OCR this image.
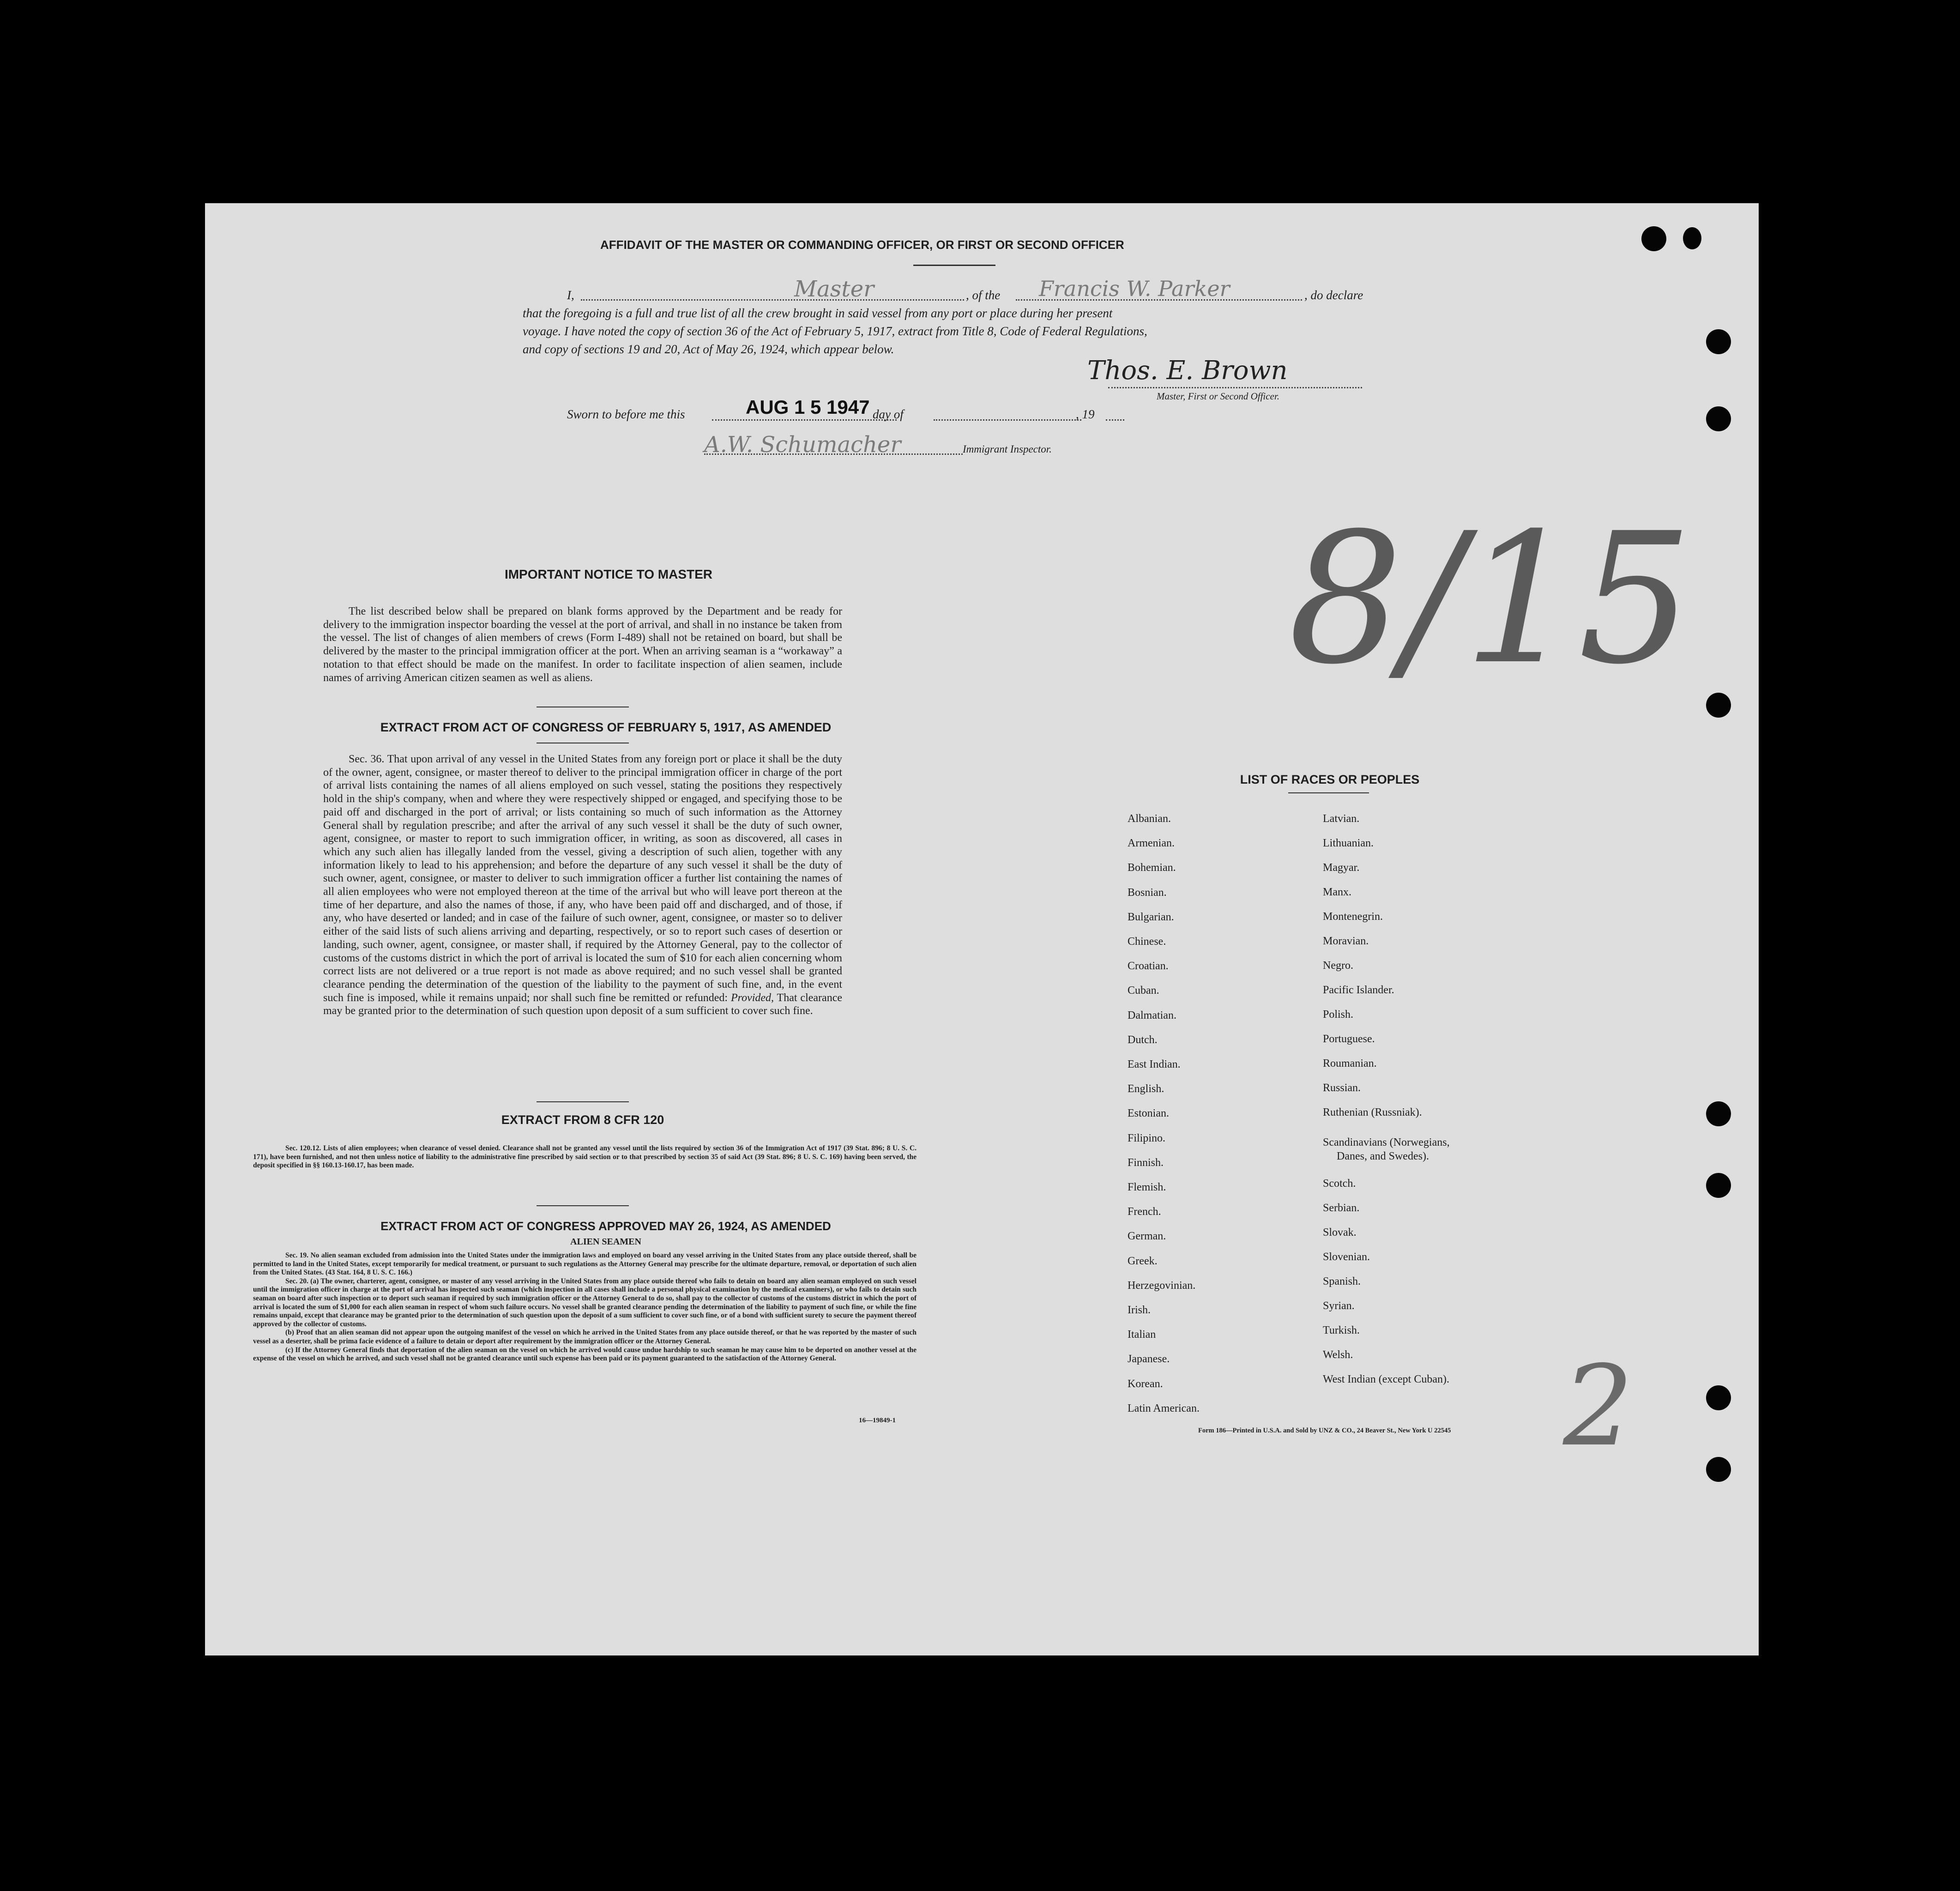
AFFIDAVIT OF THE MASTER OR COMMANDING OFFICER, OR FIRST OR SECOND OFFICER
I,	Master	, of the Francis W. Parker	, do declare
that the foregoing is a full and true list of all the crew brought in said vessel from any port or place during her present
voyage. I have noted the copy of section 36 of the Act of February 5, 1917, extract from Title 8, Code of Federal Regulations,
and copy of sections 19 and 20, Act of May 26, 1924, which appear below.
Thos. E. Brown
Master, First or Second Officer.
Sworn to before me this	AUG 1 5 1947 day of	, 19
A.W. Schumacher	Immigrant Inspector.
IMPORTANT NOTICE TO MASTER
The list described below shall be prepared on blank forms approved by the Department and be ready for delivery to the immigration inspector boarding the vessel at the port of arrival, and shall in no instance be taken from the vessel. The list of changes of alien members of crews (Form I-489) shall not be retained on board, but shall be delivered by the master to the principal immigration officer at the port. When an arriving seaman is a “workaway” a notation to that effect should be made on the manifest. In order to facilitate inspection of alien seamen, include names of arriving American citizen seamen as well as aliens.
EXTRACT FROM ACT OF CONGRESS OF FEBRUARY 5, 1917, AS AMENDED
Sec. 36. That upon arrival of any vessel in the United States from any foreign port or place it shall be the duty of the owner, agent, consignee, or master thereof to deliver to the principal immigration officer in charge of the port of arrival lists containing the names of all aliens employed on such vessel, stating the positions they respectively hold in the ship's company, when and where they were respectively shipped or engaged, and specifying those to be paid off and discharged in the port of arrival; or lists containing so much of such information as the Attorney General shall by regulation prescribe; and after the arrival of any such vessel it shall be the duty of such owner, agent, consignee, or master to report to such immigration officer, in writing, as soon as discovered, all cases in which any such alien has illegally landed from the vessel, giving a description of such alien, together with any information likely to lead to his apprehension; and before the departure of any such vessel it shall be the duty of such owner, agent, consignee, or master to deliver to such immigration officer a further list containing the names of all alien employees who were not employed thereon at the time of the arrival but who will leave port thereon at the time of her departure, and also the names of those, if any, who have been paid off and discharged, and of those, if any, who have deserted or landed; and in case of the failure of such owner, agent, consignee, or master so to deliver either of the said lists of such aliens arriving and departing, respectively, or so to report such cases of desertion or landing, such owner, agent, consignee, or master shall, if required by the Attorney General, pay to the collector of customs of the customs district in which the port of arrival is located the sum of $10 for each alien concerning whom correct lists are not delivered or a true report is not made as above required; and no such vessel shall be granted clearance pending the determination of the question of the liability to the payment of such fine, and, in the event such fine is imposed, while it remains unpaid; nor shall such fine be remitted or refunded: Provided, That clearance may be granted prior to the determination of such question upon deposit of a sum sufficient to cover such fine.
EXTRACT FROM 8 CFR 120
Sec. 120.12. Lists of alien employees; when clearance of vessel denied. Clearance shall not be granted any vessel until the lists required by section 36 of the Immigration Act of 1917 (39 Stat. 896; 8 U. S. C. 171), have been furnished, and not then unless notice of liability to the administrative fine prescribed by said section or to that prescribed by section 35 of said Act (39 Stat. 896; 8 U. S. C. 169) having been served, the deposit specified in §§ 160.13-160.17, has been made.
EXTRACT FROM ACT OF CONGRESS APPROVED MAY 26, 1924, AS AMENDED
ALIEN SEAMEN
Sec. 19. No alien seaman excluded from admission into the United States under the immigration laws and employed on board any vessel arriving in the United States from any place outside thereof, shall be permitted to land in the United States, except temporarily for medical treatment, or pursuant to such regulations as the Attorney General may prescribe for the ultimate departure, removal, or deportation of such alien from the United States. (43 Stat. 164, 8 U. S. C. 166.)
Sec. 20. (a) The owner, charterer, agent, consignee, or master of any vessel arriving in the United States from any place outside thereof who fails to detain on board any alien seaman employed on such vessel until the immigration officer in charge at the port of arrival has inspected such seaman (which inspection in all cases shall include a personal physical examination by the medical examiners), or who fails to detain such seaman on board after such inspection or to deport such seaman if required by such immigration officer or the Attorney General to do so, shall pay to the collector of customs of the customs district in which the port of arrival is located the sum of $1,000 for each alien seaman in respect of whom such failure occurs. No vessel shall be granted clearance pending the determination of the liability to payment of such fine, or while the fine remains unpaid, except that clearance may be granted prior to the determination of such question upon the deposit of a sum sufficient to cover such fine, or of a bond with sufficient surety to secure the payment thereof approved by the collector of customs.
(b) Proof that an alien seaman did not appear upon the outgoing manifest of the vessel on which he arrived in the United States from any place outside thereof, or that he was reported by the master of such vessel as a deserter, shall be prima facie evidence of a failure to detain or deport after requirement by the immigration officer or the Attorney General.
(c) If the Attorney General finds that deportation of the alien seaman on the vessel on which he arrived would cause undue hardship to such seaman he may cause him to be deported on another vessel at the expense of the vessel on which he arrived, and such vessel shall not be granted clearance until such expense has been paid or its payment guaranteed to the satisfaction of the Attorney General.
16—19849-1
LIST OF RACES OR PEOPLES
Albanian.
Armenian.
Bohemian.
Bosnian.
Bulgarian.
Chinese.
Croatian.
Cuban.
Dalmatian.
Dutch.
East Indian.
English.
Estonian.
Filipino.
Finnish.
Flemish.
French.
German.
Greek.
Herzegovinian.
Irish.
Italian
Japanese.
Korean.
Latin American.
Latvian.
Lithuanian.
Magyar.
Manx.
Montenegrin.
Moravian.
Negro.
Pacific Islander.
Polish.
Portuguese.
Roumanian.
Russian.
Ruthenian (Russniak).
Scandinavians (Norwegians,
Danes, and Swedes).
Scotch.
Serbian.
Slovak.
Slovenian.
Spanish.
Syrian.
Turkish.
Welsh.
West Indian (except Cuban).
Form 186—Printed in U.S.A. and Sold by UNZ & CO., 24 Beaver St., New York U 22545
8/15
2
